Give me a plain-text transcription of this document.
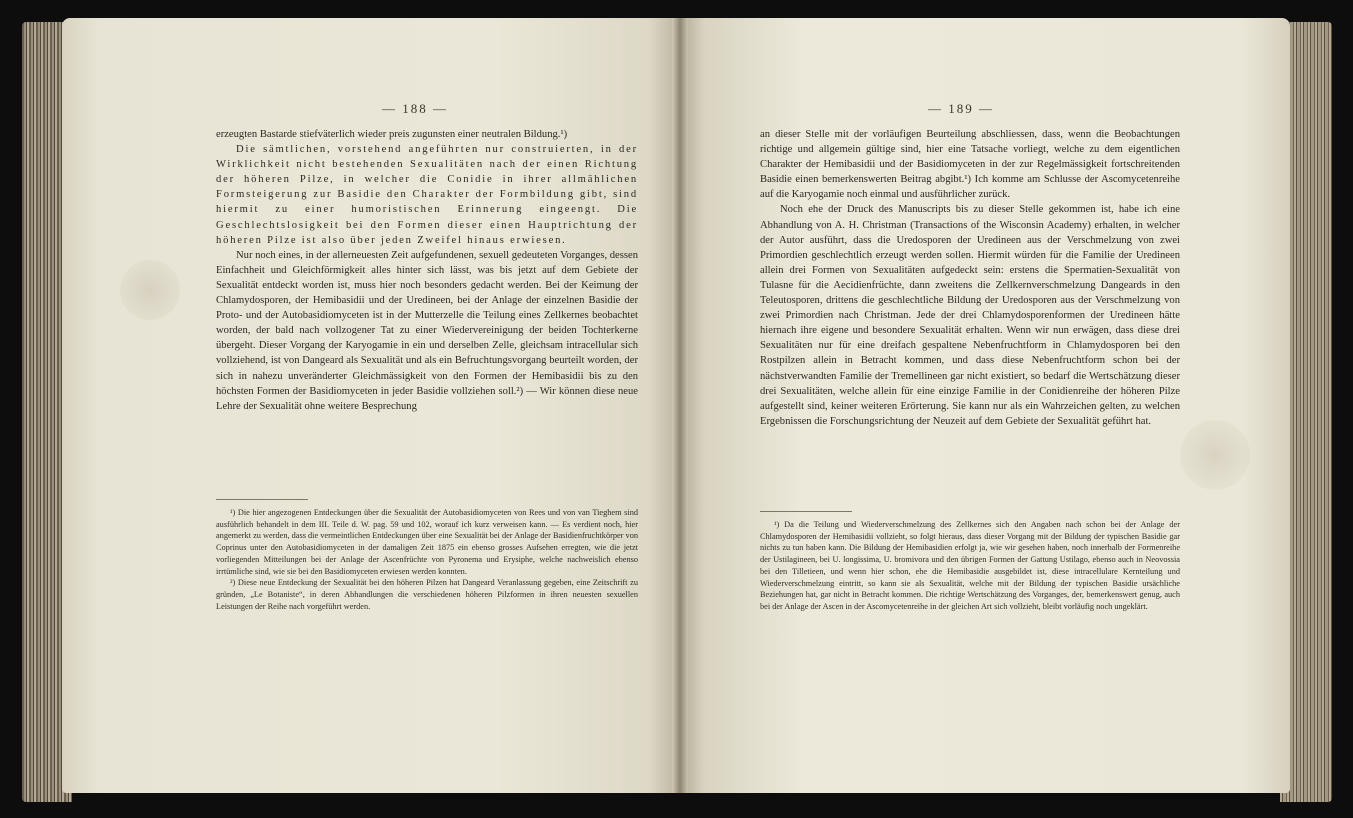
— 188 —

erzeugten Bastarde stiefväterlich wieder preis zugunsten einer neutralen Bildung.¹)

Die sämtlichen, vorstehend angeführten nur construierten, in der Wirklichkeit nicht bestehenden Sexualitäten nach der einen Richtung der höheren Pilze, in welcher die Conidie in ihrer allmählichen Formsteigerung zur Basidie den Charakter der Formbildung gibt, sind hiermit zu einer humoristischen Erinnerung eingeengt. Die Geschlechtslosigkeit bei den Formen dieser einen Hauptrichtung der höheren Pilze ist also über jeden Zweifel hinaus erwiesen.

Nur noch eines, in der allerneuesten Zeit aufgefundenen, sexuell gedeuteten Vorganges, dessen Einfachheit und Gleichförmigkeit alles hinter sich lässt, was bis jetzt auf dem Gebiete der Sexualität entdeckt worden ist, muss hier noch besonders gedacht werden. Bei der Keimung der Chlamydosporen, der Hemibasidii und der Uredineen, bei der Anlage der einzelnen Basidie der Proto- und der Autobasidiomyceten ist in der Mutterzelle die Teilung eines Zellkernes beobachtet worden, der bald nach vollzogener Tat zu einer Wiedervereinigung der beiden Tochterkerne übergeht. Dieser Vorgang der Karyogamie in ein und derselben Zelle, gleichsam intracellular sich vollziehend, ist von Dangeard als Sexualität und als ein Befruchtungsvorgang beurteilt worden, der sich in nahezu unveränderter Gleichmässigkeit von den Formen der Hemibasidii bis zu den höchsten Formen der Basidiomyceten in jeder Basidie vollziehen soll.²) — Wir können diese neue Lehre der Sexualität ohne weitere Besprechung

¹) Die hier angezogenen Entdeckungen über die Sexualität der Autobasidiomyceten von Rees und von van Tieghem sind ausführlich behandelt in dem III. Teile d. W. pag. 59 und 102, worauf ich kurz verweisen kann. — Es verdient noch, hier angemerkt zu werden, dass die vermeintlichen Entdeckungen über eine Sexualität bei der Anlage der Basidienfruchtkörper von Coprinus unter den Autobasidiomyceten in der damaligen Zeit 1875 ein ebenso grosses Aufsehen erregten, wie die jetzt vorliegenden Mitteilungen bei der Anlage der Ascenfrüchte von Pyronema und Erysiphe, welche nachweislich ebenso irrtümliche sind, wie sie bei den Basidiomyceten erwiesen werden konnten.

²) Diese neue Entdeckung der Sexualität bei den höheren Pilzen hat Dangeard Veranlassung gegeben, eine Zeitschrift zu gründen, „Le Botaniste“, in deren Abhandlungen die verschiedenen höheren Pilzformen in ihren neuesten sexuellen Leistungen der Reihe nach vorgeführt werden.

— 189 —

an dieser Stelle mit der vorläufigen Beurteilung abschliessen, dass, wenn die Beobachtungen richtige und allgemein gültige sind, hier eine Tatsache vorliegt, welche zu dem eigentlichen Charakter der Hemibasidii und der Basidiomyceten in der zur Regelmässigkeit fortschreitenden Basidie einen bemerkenswerten Beitrag abgibt.¹) Ich komme am Schlusse der Ascomycetenreihe auf die Karyogamie noch einmal und ausführlicher zurück.

Noch ehe der Druck des Manuscripts bis zu dieser Stelle gekommen ist, habe ich eine Abhandlung von A. H. Christman (Transactions of the Wisconsin Academy) erhalten, in welcher der Autor ausführt, dass die Uredosporen der Uredineen aus der Verschmelzung von zwei Primordien geschlechtlich erzeugt werden sollen. Hiermit würden für die Familie der Uredineen allein drei Formen von Sexualitäten aufgedeckt sein: erstens die Spermatien-Sexualität von Tulasne für die Aecidienfrüchte, dann zweitens die Zellkernverschmelzung Dangeards in den Teleutosporen, drittens die geschlechtliche Bildung der Uredosporen aus der Verschmelzung von zwei Primordien nach Christman. Jede der drei Chlamydosporenformen der Uredineen hätte hiernach ihre eigene und besondere Sexualität erhalten. Wenn wir nun erwägen, dass diese drei Sexualitäten nur für eine dreifach gespaltene Nebenfruchtform in Chlamydosporen bei den Rostpilzen allein in Betracht kommen, und dass diese Nebenfruchtform schon bei der nächstverwandten Familie der Tremellineen gar nicht existiert, so bedarf die Wertschätzung dieser drei Sexualitäten, welche allein für eine einzige Familie in der Conidienreihe der höheren Pilze aufgestellt sind, keiner weiteren Erörterung. Sie kann nur als ein Wahrzeichen gelten, zu welchen Ergebnissen die Forschungsrichtung der Neuzeit auf dem Gebiete der Sexualität geführt hat.

¹) Da die Teilung und Wiederverschmelzung des Zellkernes sich den Angaben nach schon bei der Anlage der Chlamydosporen der Hemibasidii vollzieht, so folgt hieraus, dass dieser Vorgang mit der Bildung der typischen Basidie gar nichts zu tun haben kann. Die Bildung der Hemibasidien erfolgt ja, wie wir gesehen haben, noch innerhalb der Formenreihe der Ustilagineen, bei U. longissima, U. bromivora und den übrigen Formen der Gattung Ustilago, ebenso auch in Neovossia bei den Tilletieen, und wenn hier schon, ehe die Hemibasidie ausgebildet ist, diese intracellulare Kernteilung und Wiederverschmelzung eintritt, so kann sie als Sexualität, welche mit der Bildung der typischen Basidie ursächliche Beziehungen hat, gar nicht in Betracht kommen. Die richtige Wertschätzung des Vorganges, der, bemerkenswert genug, auch bei der Anlage der Ascen in der Ascomycetenreihe in der gleichen Art sich vollzieht, bleibt vorläufig noch ungeklärt.
